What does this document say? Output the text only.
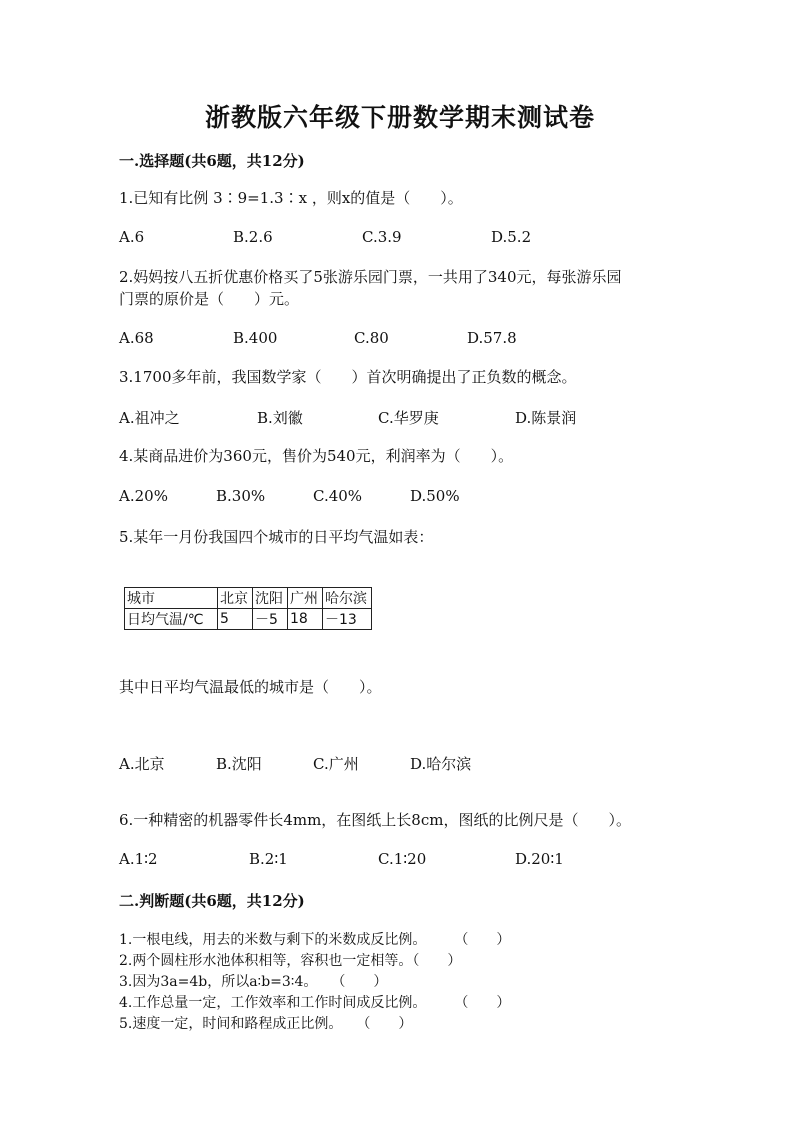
浙教版六年级下册数学期末测试卷
一.选择题(共6题，共12分)
1.已知有比例 3∶9=1.3∶x ，则x的值是（　　）。
A.6	B.2.6	C.3.9	D.5.2
2.妈妈按八五折优惠价格买了5张游乐园门票，一共用了340元，每张游乐园
门票的原价是（　　）元。
A.68	B.400	C.80	D.57.8
3.1700多年前，我国数学家（　　）首次明确提出了正负数的概念。
A.祖冲之	B.刘徽	C.华罗庚	D.陈景润
4.某商品进价为360元，售价为540元，利润率为（　　）。
A.20%	B.30%	C.40%	D.50%
5.某年一月份我国四个城市的日平均气温如表：
城市	北京	沈阳	广州	哈尔滨
日均气温/℃	5	－5	18	－13
其中日平均气温最低的城市是（　　）。
A.北京	B.沈阳	C.广州	D.哈尔滨
6.一种精密的机器零件长4mm，在图纸上长8cm，图纸的比例尺是（　　）。
A.1∶2	B.2∶1	C.1∶20	D.20∶1
二.判断题(共6题，共12分)
1.一根电线，用去的米数与剩下的米数成反比例。　　　（　　）
2.两个圆柱形水池体积相等，容积也一定相等。（　　）
3.因为3a=4b，所以a∶b=3∶4。　　（　　）
4.工作总量一定，工作效率和工作时间成反比例。　　　（　　）
5.速度一定，时间和路程成正比例。　　（　　）
